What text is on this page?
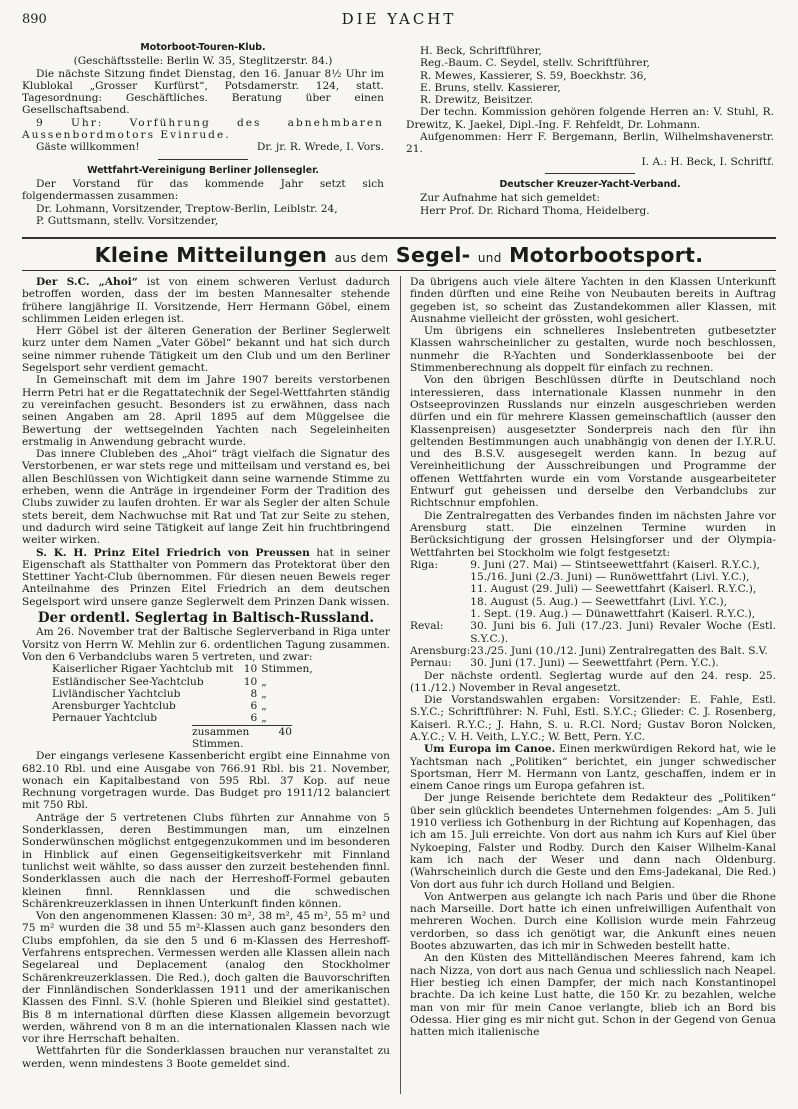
890	DIE YACHT
Motorboot-Touren-Klub.

(Geschäftsstelle: Berlin W. 35, Steglitzerstr. 84.)

Die nächste Sitzung findet Dienstag, den 16. Januar 8½ Uhr im Klublokal „Grosser Kurfürst“, Potsdamerstr. 124, statt. Tagesordnung: Geschäftliches. Beratung über einen Gesellschaftsabend.

9 Uhr: Vorführung des abnehmbaren Aussenbordmotors Evinrude.

Gäste willkommen!	Dr. jr. R. Wrede, I. Vors.
Wettfahrt-Vereinigung Berliner Jollensegler.

Der Vorstand für das kommende Jahr setzt sich folgendermassen zusammen:

Dr. Lohmann, Vorsitzender, Treptow-Berlin, Leiblstr. 24,

P. Guttsmann, stellv. Vorsitzender,

H. Beck, Schriftführer,

Reg.-Baum. C. Seydel, stellv. Schriftführer,

R. Mewes, Kassierer, S. 59, Boeckhstr. 36,

E. Bruns, stellv. Kassierer,

R. Drewitz, Beisitzer.

Der techn. Kommission gehören folgende Herren an: V. Stuhl, R. Drewitz, K. Jaekel, Dipl.-Ing. F. Rehfeldt, Dr. Lohmann.

Aufgenommen: Herr F. Bergemann, Berlin, Wilhelmshavenerstr. 21.

I. A.: H. Beck, I. Schriftf.

Deutscher Kreuzer-Yacht-Verband.

Zur Aufnahme hat sich gemeldet:

Herr Prof. Dr. Richard Thoma, Heidelberg.

Kleine Mitteilungen aus dem Segel- und Motorbootsport.

Der S.C. „Ahoi“ ist von einem schweren Verlust dadurch betroffen worden, dass der im besten Mannesalter stehende frühere langjährige II. Vorsitzende, Herr Hermann Göbel, einem schlimmen Leiden erlegen ist.

Herr Göbel ist der älteren Generation der Berliner Seglerwelt kurz unter dem Namen „Vater Göbel“ bekannt und hat sich durch seine nimmer ruhende Tätigkeit um den Club und um den Berliner Segelsport sehr verdient gemacht.

In Gemeinschaft mit dem im Jahre 1907 bereits verstorbenen Herrn Petri hat er die Regattatechnik der Segel-Wettfahrten ständig zu vereinfachen gesucht. Besonders ist zu erwähnen, dass nach seinen Angaben am 28. April 1895 auf dem Müggelsee die Bewertung der wettsegelnden Yachten nach Segeleinheiten erstmalig in Anwendung gebracht wurde.

Das innere Clubleben des „Ahoi“ trägt vielfach die Signatur des Verstorbenen, er war stets rege und mitteilsam und verstand es, bei allen Beschlüssen von Wichtigkeit dann seine warnende Stimme zu erheben, wenn die Anträge in irgendeiner Form der Tradition des Clubs zuwider zu laufen drohten. Er war als Segler der alten Schule stets bereit, dem Nachwuchse mit Rat und Tat zur Seite zu stehen, und dadurch wird seine Tätigkeit auf lange Zeit hin fruchtbringend weiter wirken.

S. K. H. Prinz Eitel Friedrich von Preussen hat in seiner Eigenschaft als Statthalter von Pommern das Protektorat über den Stettiner Yacht-Club übernommen. Für diesen neuen Beweis reger Anteilnahme des Prinzen Eitel Friedrich an dem deutschen Segelsport wird unsere ganze Seglerwelt dem Prinzen Dank wissen.

Der ordentl. Seglertag in Baltisch-Russland.

Am 26. November trat der Baltische Seglerverband in Riga unter Vorsitz von Herrn W. Mehlin zur 6. ordentlichen Tagung zusammen. Von den 6 Verbandclubs waren 5 vertreten, und zwar:

Kaiserlicher Rigaer Yachtclub mit	10	Stimmen,
Estländischer See-Yachtclub	10	„
Livländischer Yachtclub	8	„
Arensburger Yachtclub	6	„
Pernauer Yachtclub	6	„
zusammen 40 Stimmen.

Der eingangs verlesene Kassenbericht ergibt eine Einnahme von 682.10 Rbl. und eine Ausgabe von 766.91 Rbl. bis 21. November, wonach ein Kapitalbestand von 595 Rbl. 37 Kop. auf neue Rechnung vorgetragen wurde. Das Budget pro 1911/12 balanciert mit 750 Rbl.

Anträge der 5 vertretenen Clubs führten zur Annahme von 5 Sonderklassen, deren Bestimmungen man, um einzelnen Sonderwünschen möglichst entgegenzukommen und im besonderen in Hinblick auf einen Gegenseitigkeitsverkehr mit Finnland tunlichst weit wählte, so dass ausser den zurzeit bestehenden finnl. Sonderklassen auch die nach der Herreshoff-Formel gebauten kleinen finnl. Rennklassen und die schwedischen Schärenkreuzerklassen in ihnen Unterkunft finden können.

Von den angenommenen Klassen: 30 m², 38 m², 45 m², 55 m² und 75 m² wurden die 38 und 55 m²-Klassen auch ganz besonders den Clubs empfohlen, da sie den 5 und 6 m-Klassen des Herreshoff-Verfahrens entsprechen. Vermessen werden alle Klassen allein nach Segelareal und Deplacement (analog den Stockholmer Schärenkreuzerklassen. Die Red.), doch galten die Bauvorschriften der Finnländischen Sonderklassen 1911 und der amerikanischen Klassen des Finnl. S.V. (hohle Spieren und Bleikiel sind gestattet). Bis 8 m international dürften diese Klassen allgemein bevorzugt werden, während von 8 m an die internationalen Klassen nach wie vor ihre Herrschaft behalten.

Wettfahrten für die Sonderklassen brauchen nur veranstaltet zu werden, wenn mindestens 3 Boote gemeldet sind.

Da übrigens auch viele ältere Yachten in den Klassen Unterkunft finden dürften und eine Reihe von Neubauten bereits in Auftrag gegeben ist, so scheint das Zustandekommen aller Klassen, mit Ausnahme vielleicht der grössten, wohl gesichert.

Um übrigens ein schnelleres Inslebentreten gutbesetzter Klassen wahrscheinlicher zu gestalten, wurde noch beschlossen, nunmehr die R-Yachten und Sonderklassenboote bei der Stimmenberechnung als doppelt für einfach zu rechnen.

Von den übrigen Beschlüssen dürfte in Deutschland noch interessieren, dass internationale Klassen nunmehr in den Ostseeprovinzen Russlands nur einzeln ausgeschrieben werden dürfen und ein für mehrere Klassen gemeinschaftlich (ausser den Klassenpreisen) ausgesetzter Sonderpreis nach den für ihn geltenden Bestimmungen auch unabhängig von denen der I.Y.R.U. und des B.S.V. ausgesegelt werden kann. In bezug auf Vereinheitlichung der Ausschreibungen und Programme der offenen Wettfahrten wurde ein vom Vorstande ausgearbeiteter Entwurf gut geheissen und derselbe den Verbandclubs zur Richtschnur empfohlen.

Die Zentralregatten des Verbandes finden im nächsten Jahre vor Arensburg statt. Die einzelnen Termine wurden in Berücksichtigung der grossen Helsingforser und der Olympia-Wettfahrten bei Stockholm wie folgt festgesetzt:

Riga:	9. Juni (27. Mai) — Stintseewettfahrt (Kaiserl. R.Y.C.),
	15./16. Juni (2./3. Juni) — Runöwettfahrt (Livl. Y.C.),
	11. August (29. Juli) — Seewettfahrt (Kaiserl. R.Y.C.),
	18. August (5. Aug.) — Seewettfahrt (Livl. Y.C.),
	1. Sept. (19. Aug.) — Dünawettfahrt (Kaiserl. R.Y.C.),
Reval:	30. Juni bis 6. Juli (17./23. Juni) Revaler Woche (Estl. S.Y.C.).
Arensburg:	23./25. Juni (10./12. Juni) Zentralregatten des Balt. S.V.
Pernau:	30. Juni (17. Juni) — Seewettfahrt (Pern. Y.C.).

Der nächste ordentl. Seglertag wurde auf den 24. resp. 25. (11./12.) November in Reval angesetzt.

Die Vorstandswahlen ergaben: Vorsitzender: E. Fahle, Estl. S.Y.C.; Schriftführer: N. Fuhl, Estl. S.Y.C.; Glieder: C. J. Rosenberg, Kaiserl. R.Y.C.; J. Hahn, S. u. R.Cl. Nord; Gustav Boron Nolcken, A.Y.C.; V. H. Veith, L.Y.C.; W. Bett, Pern. Y.C.

Um Europa im Canoe. Einen merkwürdigen Rekord hat, wie le Yachtsman nach „Politiken“ berichtet, ein junger schwedischer Sportsman, Herr M. Hermann von Lantz, geschaffen, indem er in einem Canoe rings um Europa gefahren ist.

Der junge Reisende berichtete dem Redakteur des „Politiken“ über sein glücklich beendetes Unternehmen folgendes: „Am 5. Juli 1910 verliess ich Gothenburg in der Richtung auf Kopenhagen, das ich am 15. Juli erreichte. Von dort aus nahm ich Kurs auf Kiel über Nykoeping, Falster und Rodby. Durch den Kaiser Wilhelm-Kanal kam ich nach der Weser und dann nach Oldenburg. (Wahrscheinlich durch die Geste und den Ems-Jadekanal, Die Red.) Von dort aus fuhr ich durch Holland und Belgien.

Von Antwerpen aus gelangte ich nach Paris und über die Rhone nach Marseille. Dort hatte ich einen unfreiwilligen Aufenthalt von mehreren Wochen. Durch eine Kollision wurde mein Fahrzeug verdorben, so dass ich genötigt war, die Ankunft eines neuen Bootes abzuwarten, das ich mir in Schweden bestellt hatte.

An den Küsten des Mittelländischen Meeres fahrend, kam ich nach Nizza, von dort aus nach Genua und schliesslich nach Neapel. Hier bestieg ich einen Dampfer, der mich nach Konstantinopel brachte. Da ich keine Lust hatte, die 150 Kr. zu bezahlen, welche man von mir für mein Canoe verlangte, blieb ich an Bord bis Odessa. Hier ging es mir nicht gut. Schon in der Gegend von Genua hatten mich italienische
